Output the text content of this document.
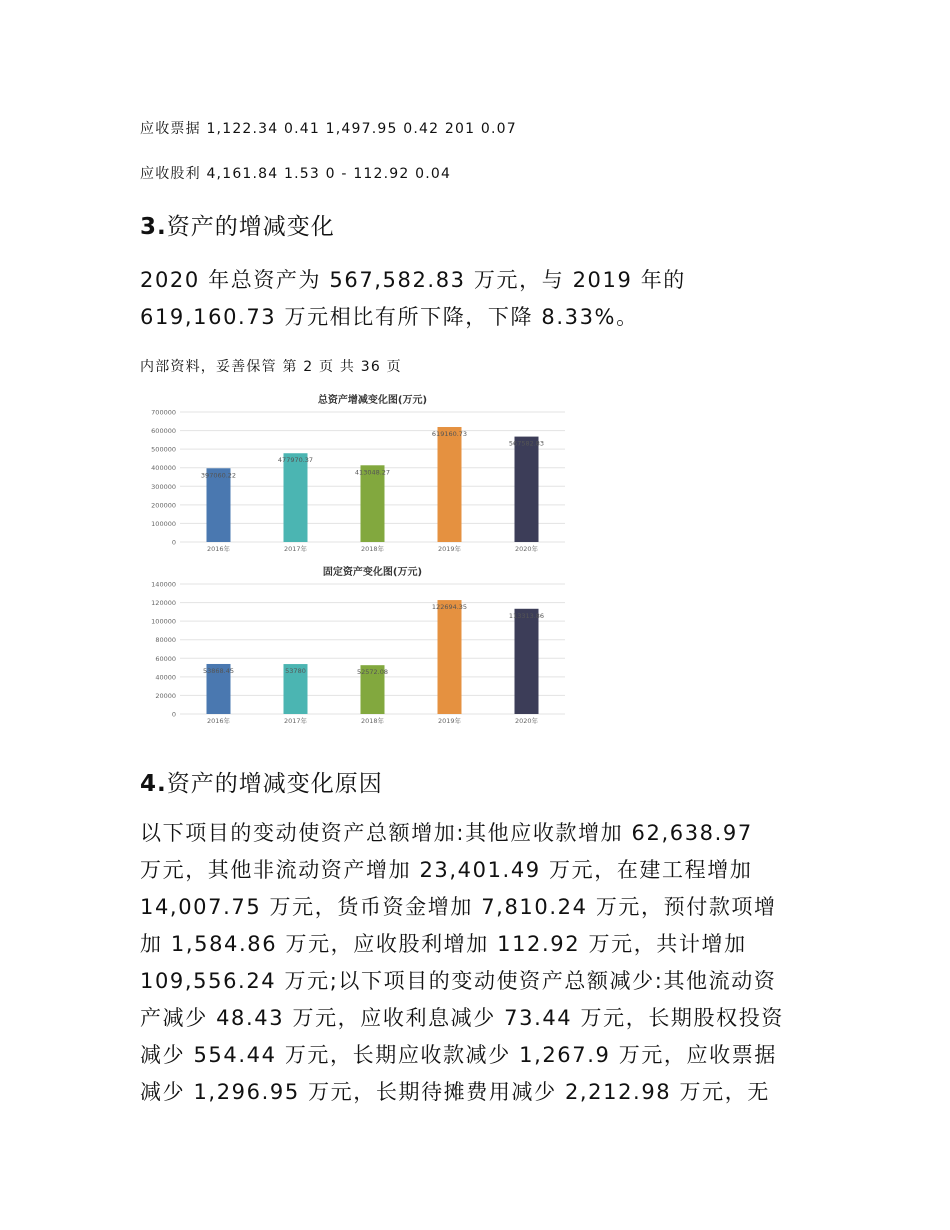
应收票据 1,122.34 0.41 1,497.95 0.42 201 0.07
应收股利 4,161.84 1.53 0 - 112.92 0.04
3.资产的增减变化
2020 年总资产为 567,582.83 万元，与 2019 年的
619,160.73 万元相比有所下降，下降 8.33%。
内部资料，妥善保管 第 2 页 共 36 页
总资产增减变化图(万元)
0
100000
200000
300000
400000
500000
600000
700000
397060.22
2016年
477970.37
2017年
413048.27
2018年
619160.73
2019年
567582.83
2020年
固定资产变化图(万元)
0
20000
40000
60000
80000
100000
120000
140000
53868.45
2016年
53780
2017年
52572.08
2018年
122694.35
2019年
113313.86
2020年
4.资产的增减变化原因
以下项目的变动使资产总额增加:其他应收款增加 62,638.97
万元，其他非流动资产增加 23,401.49 万元，在建工程增加
14,007.75 万元，货币资金增加 7,810.24 万元，预付款项增
加 1,584.86 万元，应收股利增加 112.92 万元，共计增加
109,556.24 万元;以下项目的变动使资产总额减少:其他流动资
产减少 48.43 万元，应收利息减少 73.44 万元，长期股权投资
减少 554.44 万元，长期应收款减少 1,267.9 万元，应收票据
减少 1,296.95 万元，长期待摊费用减少 2,212.98 万元，无
